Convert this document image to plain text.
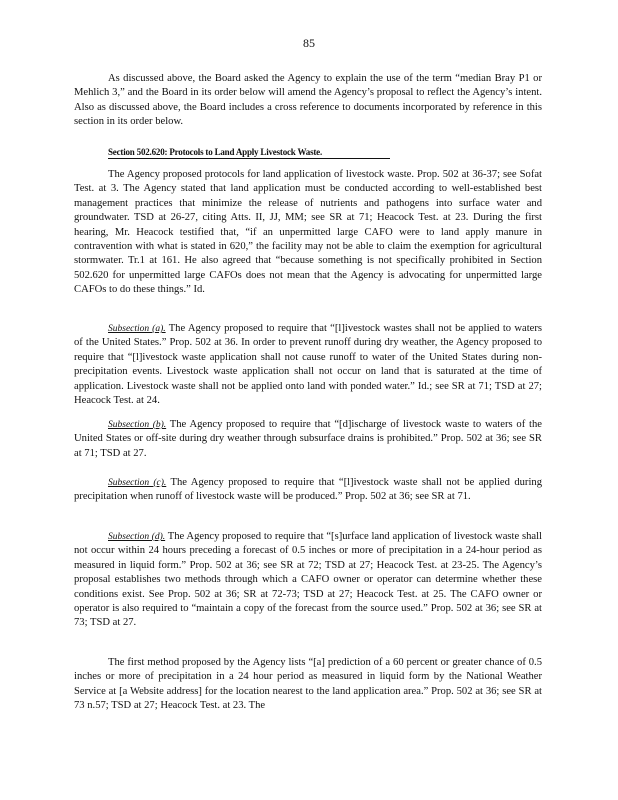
85

As discussed above, the Board asked the Agency to explain the use of the term “median Bray P1 or Mehlich 3,” and the Board in its order below will amend the Agency’s proposal to reflect the Agency’s intent. Also as discussed above, the Board includes a cross reference to documents incorporated by reference in this section in its order below.

Section 502.620: Protocols to Land Apply Livestock Waste.

The Agency proposed protocols for land application of livestock waste. Prop. 502 at 36-37; see Sofat Test. at 3. The Agency stated that land application must be conducted according to well-established best management practices that minimize the release of nutrients and pathogens into surface water and groundwater. TSD at 26-27, citing Atts. II, JJ, MM; see SR at 71; Heacock Test. at 23. During the first hearing, Mr. Heacock testified that, “if an unpermitted large CAFO were to land apply manure in contravention with what is stated in 620,” the facility may not be able to claim the exemption for agricultural stormwater. Tr.1 at 161. He also agreed that “because something is not specifically prohibited in Section 502.620 for unpermitted large CAFOs does not mean that the Agency is advocating for unpermitted large CAFOs to do these things.” Id.

Subsection (a). The Agency proposed to require that “[l]ivestock wastes shall not be applied to waters of the United States.” Prop. 502 at 36. In order to prevent runoff during dry weather, the Agency proposed to require that “[l]ivestock waste application shall not cause runoff to water of the United States during non-precipitation events. Livestock waste application shall not occur on land that is saturated at the time of application. Livestock waste shall not be applied onto land with ponded water.” Id.; see SR at 71; TSD at 27; Heacock Test. at 24.

Subsection (b). The Agency proposed to require that “[d]ischarge of livestock waste to waters of the United States or off-site during dry weather through subsurface drains is prohibited.” Prop. 502 at 36; see SR at 71; TSD at 27.

Subsection (c). The Agency proposed to require that “[l]ivestock waste shall not be applied during precipitation when runoff of livestock waste will be produced.” Prop. 502 at 36; see SR at 71.

Subsection (d). The Agency proposed to require that “[s]urface land application of livestock waste shall not occur within 24 hours preceding a forecast of 0.5 inches or more of precipitation in a 24-hour period as measured in liquid form.” Prop. 502 at 36; see SR at 72; TSD at 27; Heacock Test. at 23-25. The Agency’s proposal establishes two methods through which a CAFO owner or operator can determine whether these conditions exist. See Prop. 502 at 36; SR at 72-73; TSD at 27; Heacock Test. at 25. The CAFO owner or operator is also required to “maintain a copy of the forecast from the source used.” Prop. 502 at 36; see SR at 73; TSD at 27.

The first method proposed by the Agency lists “[a] prediction of a 60 percent or greater chance of 0.5 inches or more of precipitation in a 24 hour period as measured in liquid form by the National Weather Service at [a Website address] for the location nearest to the land application area.” Prop. 502 at 36; see SR at 73 n.57; TSD at 27; Heacock Test. at 23. The
